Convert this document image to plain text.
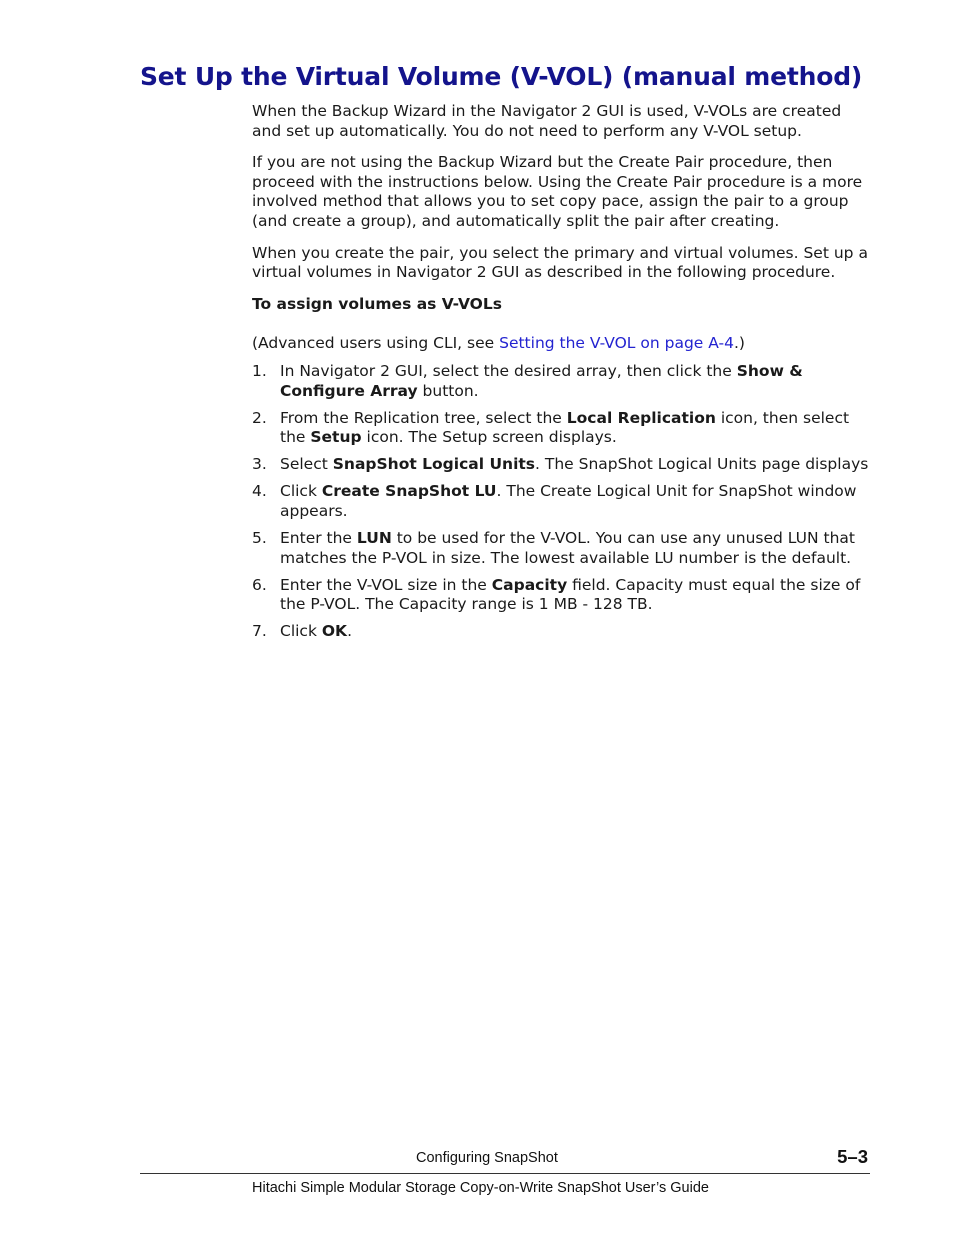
Set Up the Virtual Volume (V-VOL) (manual method)

When the Backup Wizard in the Navigator 2 GUI is used, V-VOLs are created and set up automatically. You do not need to perform any V-VOL setup.

If you are not using the Backup Wizard but the Create Pair procedure, then proceed with the instructions below. Using the Create Pair procedure is a more involved method that allows you to set copy pace, assign the pair to a group (and create a group), and automatically split the pair after creating.

When you create the pair, you select the primary and virtual volumes. Set up a virtual volumes in Navigator 2 GUI as described in the following procedure.

To assign volumes as V-VOLs

(Advanced users using CLI, see Setting the V-VOL on page A-4.)

1. In Navigator 2 GUI, select the desired array, then click the Show & Configure Array button.
2. From the Replication tree, select the Local Replication icon, then select the Setup icon. The Setup screen displays.
3. Select SnapShot Logical Units. The SnapShot Logical Units page displays
4. Click Create SnapShot LU. The Create Logical Unit for SnapShot window appears.
5. Enter the LUN to be used for the V-VOL. You can use any unused LUN that matches the P-VOL in size. The lowest available LU number is the default.
6. Enter the V-VOL size in the Capacity field. Capacity must equal the size of the P-VOL. The Capacity range is 1 MB - 128 TB.
7. Click OK.
Configuring SnapShot	5–3
Hitachi Simple Modular Storage Copy-on-Write SnapShot User’s Guide
